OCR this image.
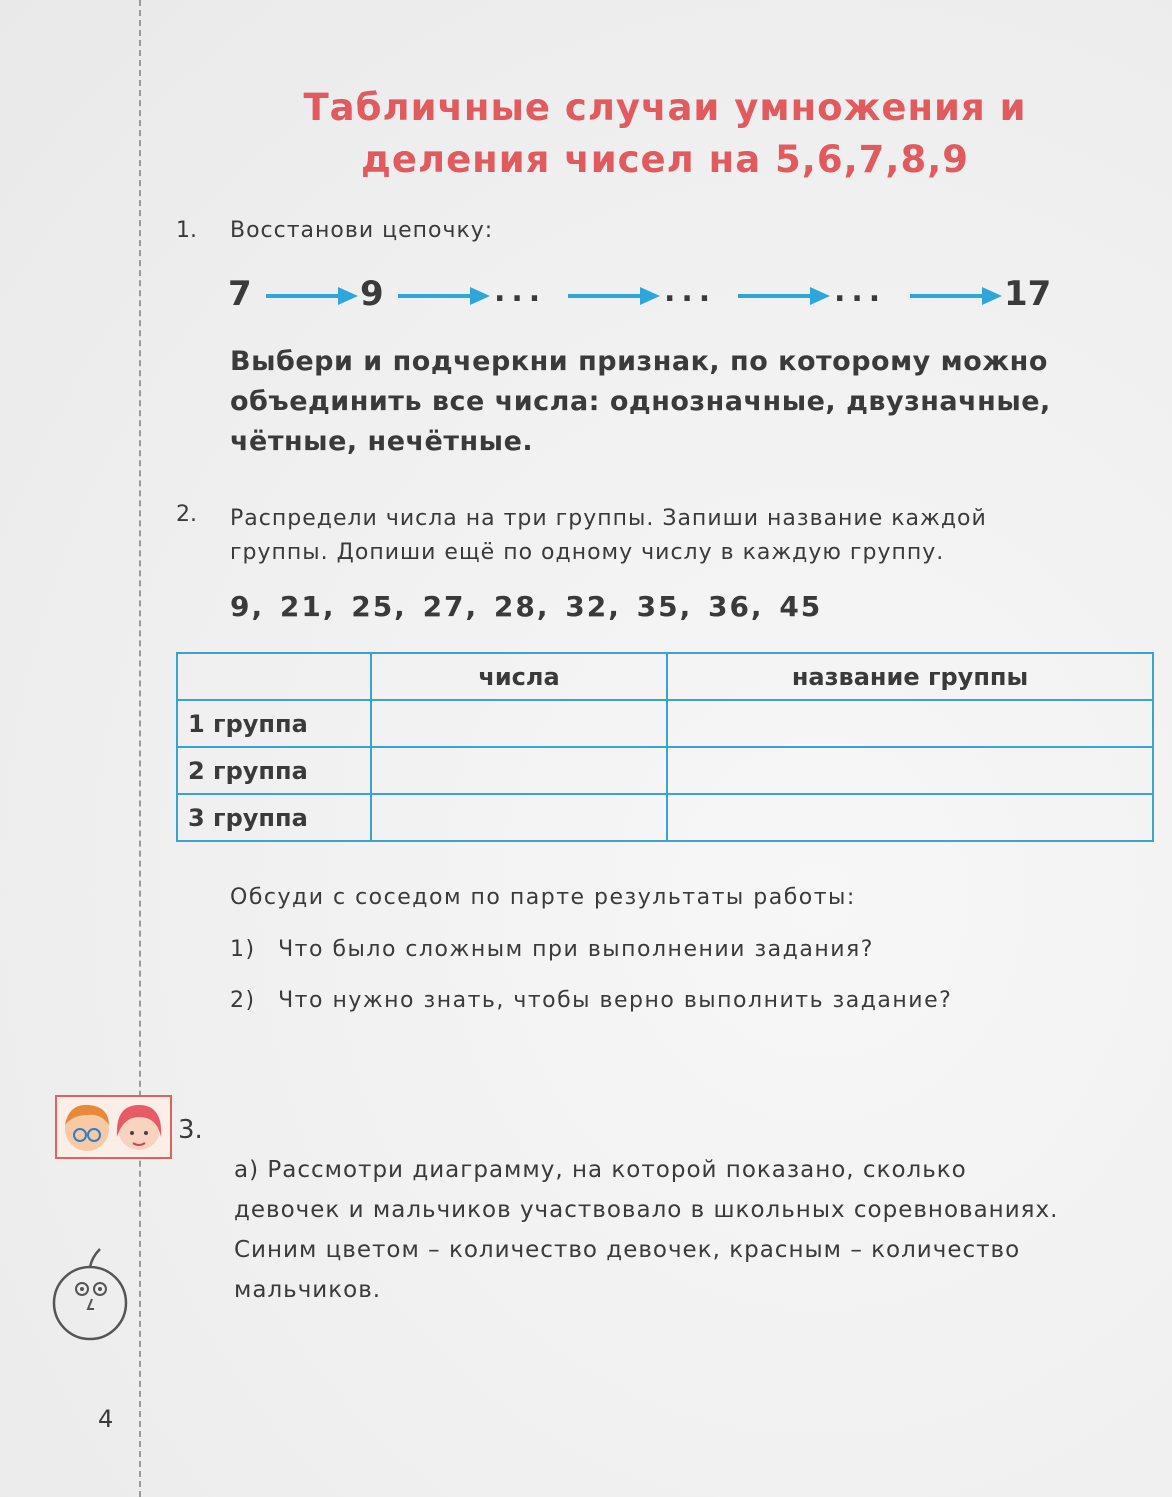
Табличные случаи умножения и
деления чисел на 5,6,7,8,9
1. Восстанови цепочку:
7	9	...	...	...	17
Выбери и подчеркни признак, по которому можно
объединить все числа: однозначные, двузначные,
чётные, нечётные.
2. Распредели числа на три группы. Запиши название каждой
группы. Допиши ещё по одному числу в каждую группу.
9, 21, 25, 27, 28, 32, 35, 36, 45
	числа	название группы
1 группа		
2 группа		
3 группа		
Обсуди с соседом по парте результаты работы:
1) Что было сложным при выполнении задания?
2) Что нужно знать, чтобы верно выполнить задание?
3.
а) Рассмотри диаграмму, на которой показано, сколько
девочек и мальчиков участвовало в школьных соревнованиях.
Синим цветом – количество девочек, красным – количество
мальчиков.
4
